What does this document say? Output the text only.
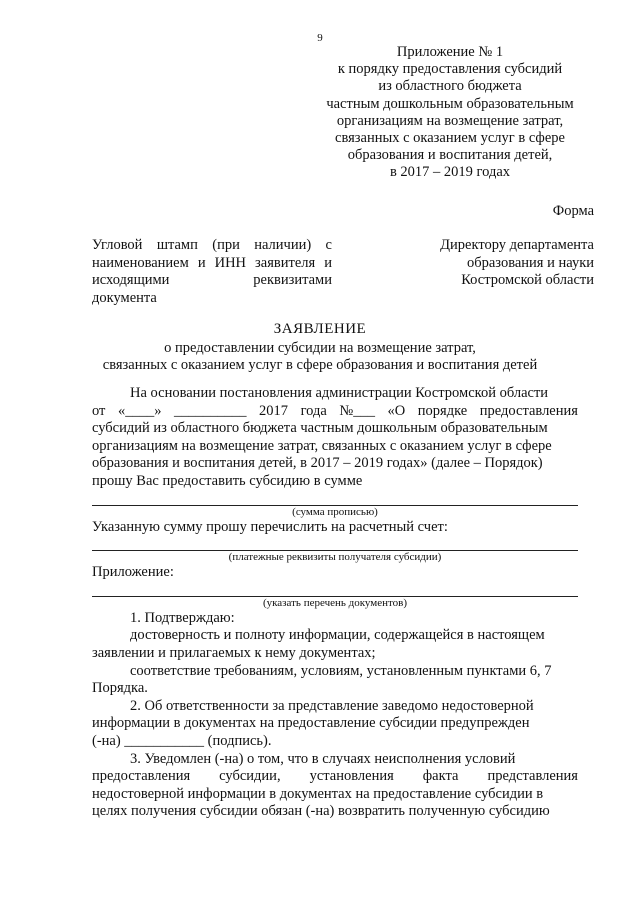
9
Приложение № 1
к порядку предоставления субсидий
из областного бюджета
частным дошкольным образовательным
организациям на возмещение затрат,
связанных с оказанием услуг в сфере
образования и воспитания детей,
в 2017 – 2019 годах
Форма
Угловой штамп (при наличии) с
наименованием и ИНН заявителя и
исходящими	реквизитами
документа
Директору департамента
образования и науки
Костромской области
ЗАЯВЛЕНИЕ
о предоставлении субсидии на возмещение затрат,
связанных с оказанием услуг в сфере образования и воспитания детей
На основании постановления администрации Костромской области
от «____» __________ 2017 года №___ «О порядке предоставления
субсидий из областного бюджета частным дошкольным образовательным
организациям на возмещение затрат, связанных с оказанием услуг в сфере
образования и воспитания детей, в 2017 – 2019 годах» (далее – Порядок)
прошу Вас предоставить субсидию в сумме
(сумма прописью)
Указанную сумму прошу перечислить на расчетный счет:
(платежные реквизиты получателя субсидии)
Приложение:
(указать перечень документов)
1. Подтверждаю:
достоверность и полноту информации, содержащейся в настоящем
заявлении и прилагаемых к нему документах;
соответствие требованиям, условиям, установленным пунктами 6, 7
Порядка.
2. Об ответственности за представление заведомо недостоверной
информации в документах на предоставление субсидии предупрежден
(-на) ___________ (подпись).
3. Уведомлен (-на) о том, что в случаях неисполнения условий
предоставления субсидии, установления факта представления
недостоверной информации в документах на предоставление субсидии в
целях получения субсидии обязан (-на) возвратить полученную субсидию
